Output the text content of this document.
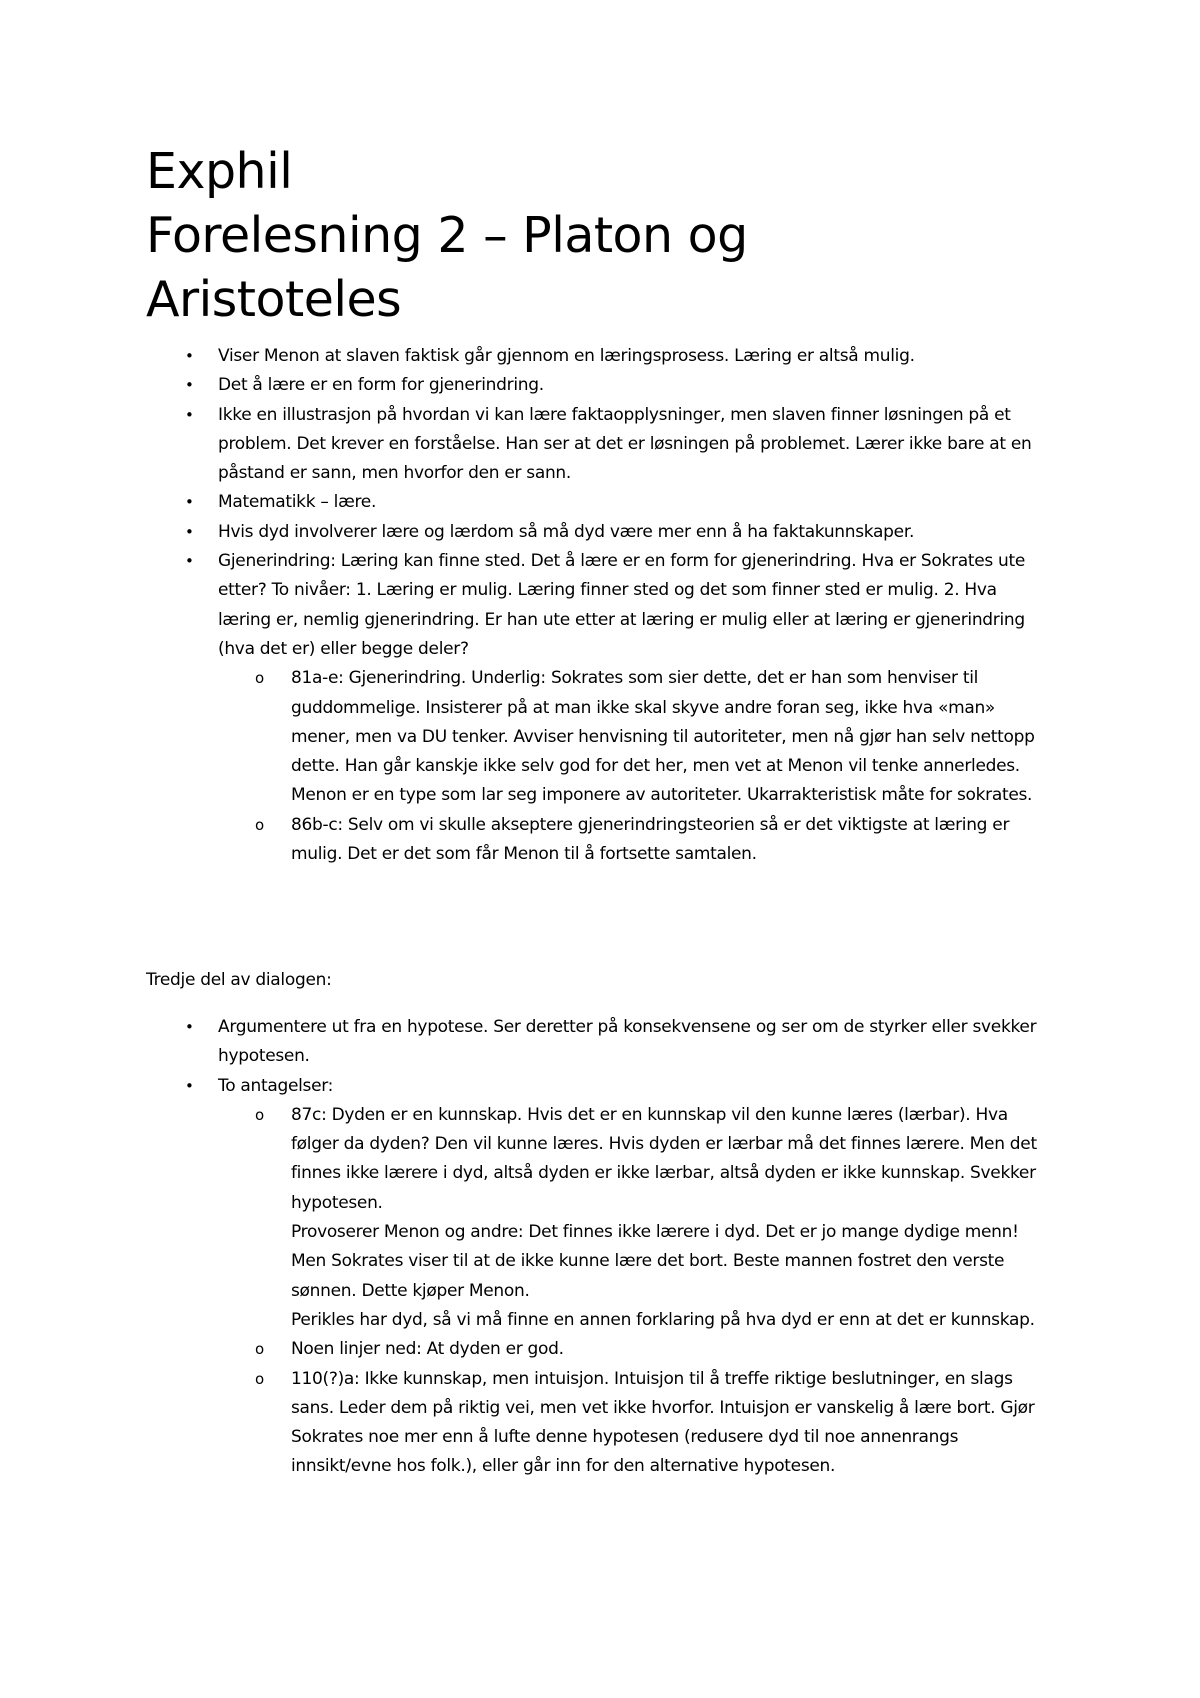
Exphil
Forelesning 2 – Platon og
Aristoteles
• Viser Menon at slaven faktisk går gjennom en læringsprosess. Læring er altså mulig.
• Det å lære er en form for gjenerindring.
• Ikke en illustrasjon på hvordan vi kan lære faktaopplysninger, men slaven finner løsningen på et problem. Det krever en forståelse. Han ser at det er løsningen på problemet. Lærer ikke bare at en påstand er sann, men hvorfor den er sann.
• Matematikk – lære.
• Hvis dyd involverer lære og lærdom så må dyd være mer enn å ha faktakunnskaper.
• Gjenerindring: Læring kan finne sted. Det å lære er en form for gjenerindring. Hva er Sokrates ute etter? To nivåer: 1. Læring er mulig. Læring finner sted og det som finner sted er mulig. 2. Hva læring er, nemlig gjenerindring. Er han ute etter at læring er mulig eller at læring er gjenerindring (hva det er) eller begge deler?
o 81a-e: Gjenerindring. Underlig: Sokrates som sier dette, det er han som henviser til guddommelige. Insisterer på at man ikke skal skyve andre foran seg, ikke hva «man» mener, men va DU tenker. Avviser henvisning til autoriteter, men nå gjør han selv nettopp dette. Han går kanskje ikke selv god for det her, men vet at Menon vil tenke annerledes. Menon er en type som lar seg imponere av autoriteter. Ukarrakteristisk måte for sokrates.
o 86b-c: Selv om vi skulle akseptere gjenerindringsteorien så er det viktigste at læring er mulig. Det er det som får Menon til å fortsette samtalen.
Tredje del av dialogen:
• Argumentere ut fra en hypotese. Ser deretter på konsekvensene og ser om de styrker eller svekker hypotesen.
• To antagelser:
o 87c: Dyden er en kunnskap. Hvis det er en kunnskap vil den kunne læres (lærbar). Hva følger da dyden? Den vil kunne læres. Hvis dyden er lærbar må det finnes lærere. Men det finnes ikke lærere i dyd, altså dyden er ikke lærbar, altså dyden er ikke kunnskap. Svekker hypotesen.
Provoserer Menon og andre: Det finnes ikke lærere i dyd. Det er jo mange dydige menn! Men Sokrates viser til at de ikke kunne lære det bort. Beste mannen fostret den verste sønnen. Dette kjøper Menon.
Perikles har dyd, så vi må finne en annen forklaring på hva dyd er enn at det er kunnskap.
o Noen linjer ned: At dyden er god.
o 110(?)a: Ikke kunnskap, men intuisjon. Intuisjon til å treffe riktige beslutninger, en slags sans. Leder dem på riktig vei, men vet ikke hvorfor. Intuisjon er vanskelig å lære bort. Gjør Sokrates noe mer enn å lufte denne hypotesen (redusere dyd til noe annenrangs innsikt/evne hos folk.), eller går inn for den alternative hypotesen.
